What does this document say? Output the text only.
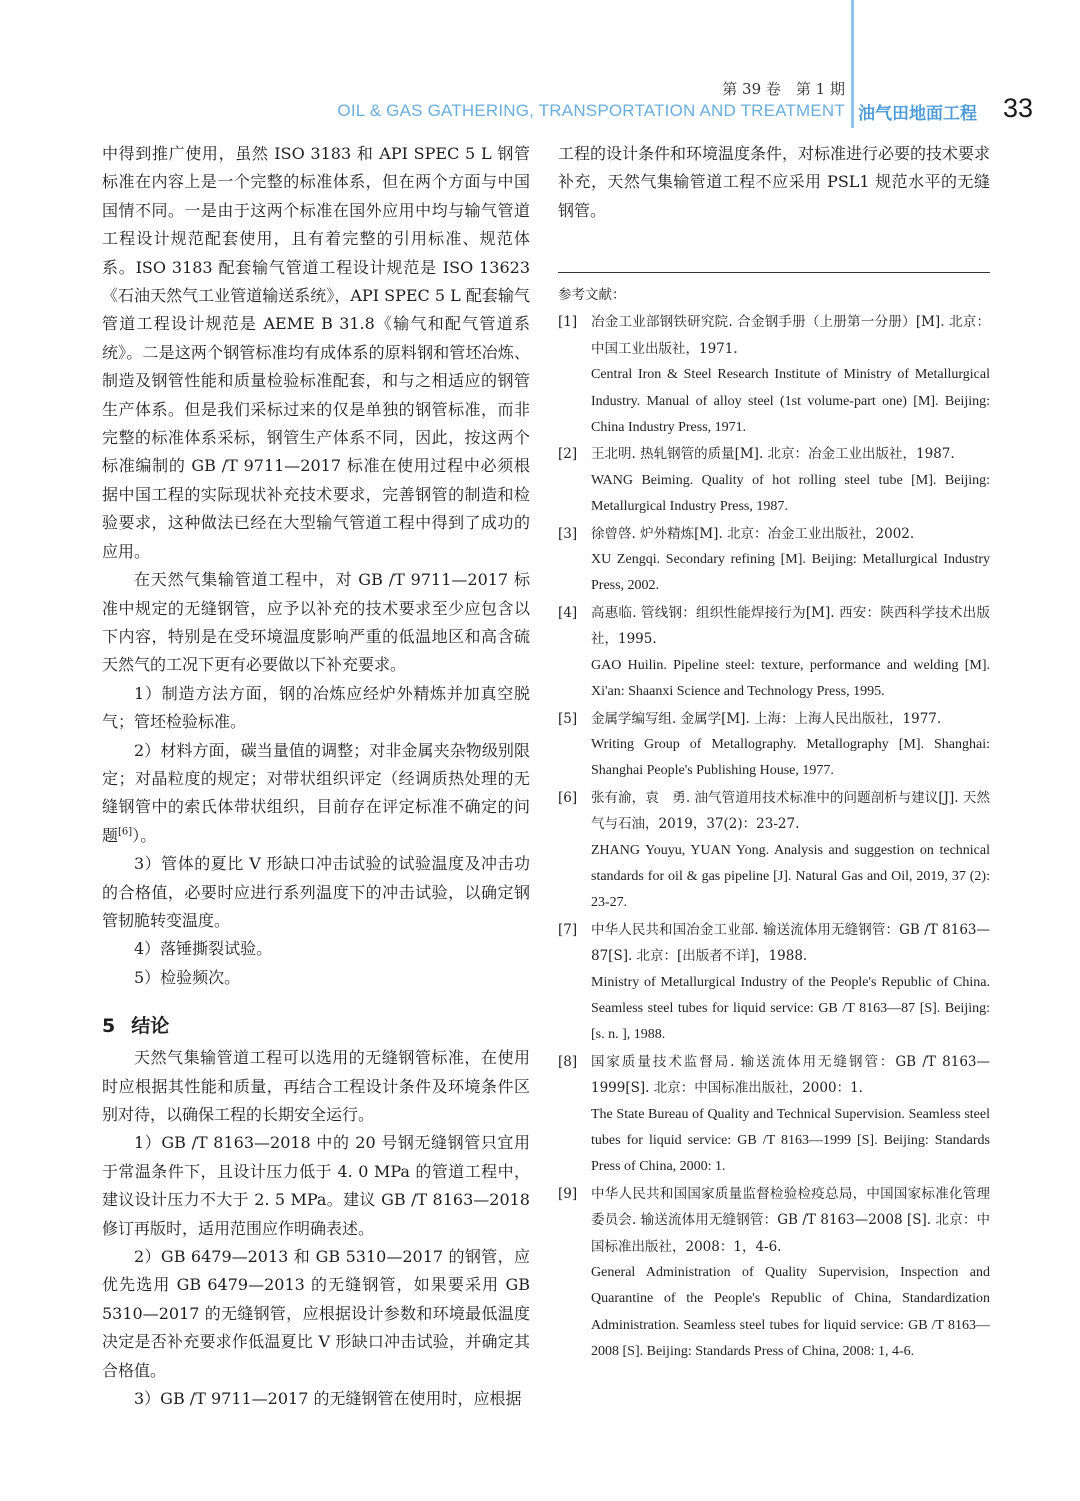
第 39 卷　第 1 期
OIL & GAS GATHERING, TRANSPORTATION AND TREATMENT 油气田地面工程 33

中得到推广使用，虽然 ISO 3183 和 API SPEC 5 L 钢管标准在内容上是一个完整的标准体系，但在两个方面与中国国情不同。一是由于这两个标准在国外应用中均与输气管道工程设计规范配套使用，且有着完整的引用标准、规范体系。ISO 3183 配套输气管道工程设计规范是 ISO 13623《石油天然气工业管道输送系统》，API SPEC 5 L 配套输气管道工程设计规范是 AEME B 31.8《输气和配气管道系统》。二是这两个钢管标准均有成体系的原料钢和管坯冶炼、制造及钢管性能和质量检验标准配套，和与之相适应的钢管生产体系。但是我们采标过来的仅是单独的钢管标准，而非完整的标准体系采标，钢管生产体系不同，因此，按这两个标准编制的 GB /T 9711—2017 标准在使用过程中必须根据中国工程的实际现状补充技术要求，完善钢管的制造和检验要求，这种做法已经在大型输气管道工程中得到了成功的应用。

在天然气集输管道工程中，对 GB /T 9711—2017 标准中规定的无缝钢管，应予以补充的技术要求至少应包含以下内容，特别是在受环境温度影响严重的低温地区和高含硫天然气的工况下更有必要做以下补充要求。

1）制造方法方面，钢的冶炼应经炉外精炼并加真空脱气；管坯检验标准。

2）材料方面，碳当量值的调整；对非金属夹杂物级别限定；对晶粒度的规定；对带状组织评定（经调质热处理的无缝钢管中的索氏体带状组织，目前存在评定标准不确定的问题[6]）。

3）管体的夏比 V 形缺口冲击试验的试验温度及冲击功的合格值，必要时应进行系列温度下的冲击试验，以确定钢管韧脆转变温度。

4）落锤撕裂试验。

5）检验频次。

5 结论

天然气集输管道工程可以选用的无缝钢管标准，在使用时应根据其性能和质量，再结合工程设计条件及环境条件区别对待，以确保工程的长期安全运行。

1）GB /T 8163—2018 中的 20 号钢无缝钢管只宜用于常温条件下，且设计压力低于 4. 0 MPa 的管道工程中，建议设计压力不大于 2. 5 MPa。建议 GB /T 8163—2018 修订再版时，适用范围应作明确表述。

2）GB 6479—2013 和 GB 5310—2017 的钢管，应优先选用 GB 6479—2013 的无缝钢管，如果要采用 GB 5310—2017 的无缝钢管，应根据设计参数和环境最低温度决定是否补充要求作低温夏比 V 形缺口冲击试验，并确定其合格值。

3）GB /T 9711—2017 的无缝钢管在使用时，应根据

工程的设计条件和环境温度条件，对标准进行必要的技术要求补充，天然气集输管道工程不应采用 PSL1 规范水平的无缝钢管。

参考文献：
[1] 冶金工业部钢铁研究院. 合金钢手册（上册第一分册）[M]. 北京：中国工业出版社，1971.
Central Iron & Steel Research Institute of Ministry of Metallurgical Industry. Manual of alloy steel (1st volume-part one) [M]. Beijing: China Industry Press, 1971.
[2] 王北明. 热轧钢管的质量[M]. 北京：冶金工业出版社，1987.
WANG Beiming. Quality of hot rolling steel tube [M]. Beijing: Metallurgical Industry Press, 1987.
[3] 徐曾啓. 炉外精炼[M]. 北京：冶金工业出版社，2002.
XU Zengqi. Secondary refining [M]. Beijing: Metallurgical Industry Press, 2002.
[4] 高惠临. 管线钢：组织性能焊接行为[M]. 西安：陕西科学技术出版社，1995.
GAO Huilin. Pipeline steel: texture, performance and welding [M]. Xi'an: Shaanxi Science and Technology Press, 1995.
[5] 金属学编写组. 金属学[M]. 上海：上海人民出版社，1977.
Writing Group of Metallography. Metallography [M]. Shanghai: Shanghai People's Publishing House, 1977.
[6] 张有渝，袁　勇. 油气管道用技术标准中的问题剖析与建议[J]. 天然气与石油，2019，37(2)：23-27.
ZHANG Youyu, YUAN Yong. Analysis and suggestion on technical standards for oil & gas pipeline [J]. Natural Gas and Oil, 2019, 37 (2): 23-27.
[7] 中华人民共和国冶金工业部. 输送流体用无缝钢管：GB /T 8163—87[S]. 北京：[出版者不详]，1988.
Ministry of Metallurgical Industry of the People's Republic of China. Seamless steel tubes for liquid service: GB /T 8163—87 [S]. Beijing: [s. n. ], 1988.
[8] 国家质量技术监督局. 输送流体用无缝钢管：GB /T 8163—1999[S]. 北京：中国标准出版社，2000：1.
The State Bureau of Quality and Technical Supervision. Seamless steel tubes for liquid service: GB /T 8163—1999 [S]. Beijing: Standards Press of China, 2000: 1.
[9] 中华人民共和国国家质量监督检验检疫总局，中国国家标准化管理委员会. 输送流体用无缝钢管：GB /T 8163—2008 [S]. 北京：中国标准出版社，2008：1，4-6.
General Administration of Quality Supervision, Inspection and Quarantine of the People's Republic of China, Standardization Administration. Seamless steel tubes for liquid service: GB /T 8163—2008 [S]. Beijing: Standards Press of China, 2008: 1, 4-6.
